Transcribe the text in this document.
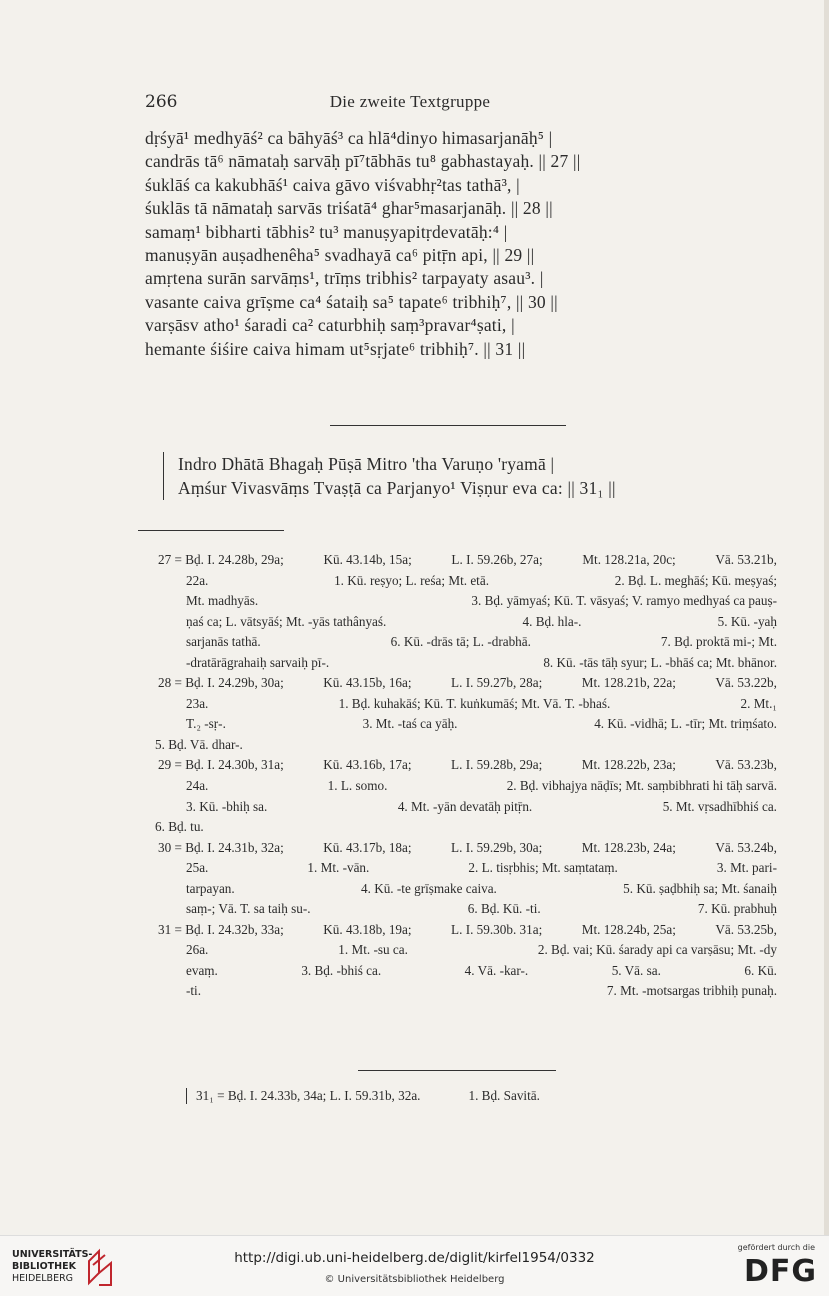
266	Die zweite Textgruppe
dṛśyā¹ medhyāś² ca bāhyāś³ ca hlā⁴dinyo himasarjanāḥ⁵ |
candrās tā⁶ nāmataḥ sarvāḥ pī⁷tābhās tu⁸ gabhastayaḥ. || 27 ||
śuklāś ca kakubhāś¹ caiva gāvo viśvabhṛ²tas tathā³, |
śuklās tā nāmataḥ sarvās triśatā⁴ ghar⁵masarjanāḥ. || 28 ||
samaṃ¹ bibharti tābhis² tu³ manuṣyapitṛdevatāḥ:⁴ |
manuṣyān auṣadhenêha⁵ svadhayā ca⁶ pitṝn api, || 29 ||
amṛtena surān sarvāṃs¹, trīṃs tribhis² tarpayaty asau³. |
vasante caiva grīṣme ca⁴ śataiḥ sa⁵ tapate⁶ tribhiḥ⁷, || 30 ||
varṣāsv atho¹ śaradi ca² caturbhiḥ saṃ³pravar⁴ṣati, |
hemante śiśire caiva himam ut⁵sṛjate⁶ tribhiḥ⁷. || 31 ||
Indro Dhātā Bhagaḥ Pūṣā Mitro 'tha Varuṇo 'ryamā |
Aṃśur Vivasvāṃs Tvaṣṭā ca Parjanyo¹ Viṣṇur eva ca: || 31₁ ||
27 = Bḍ. I. 24.28b, 29a;	Kū. 43.14b, 15a;	L. I. 59.26b, 27a;	Mt. 128.21a, 20c;	Vā. 53.21b,
22a.	1. Kū. reṣyo; L. reśa; Mt. etā.	2. Bḍ. L. meghāś; Kū. meṣyaś;
Mt. madhyās.	3. Bḍ. yāmyaś; Kū. T. vāsyaś; V. ramyo medhyaś ca pauṣ-
ṇaś ca; L. vātsyāś; Mt. -yās tathânyaś.	4. Bḍ. hla-.	5. Kū. -yaḥ
sarjanās tathā.	6. Kū. -drās tā; L. -drabhā.	7. Bḍ. proktā mi-; Mt.
-dratārāgrahaiḥ sarvaiḥ pī-.	8. Kū. -tās tāḥ syur; L. -bhāś ca; Mt. bhānor.
28 = Bḍ. I. 24.29b, 30a;	Kū. 43.15b, 16a;	L. I. 59.27b, 28a;	Mt. 128.21b, 22a;	Vā. 53.22b,
23a.	1. Bḍ. kuhakāś; Kū. T. kuṅkumāś; Mt. Vā. T. -bhaś.	2. Mt.₁
T.₂ -sṛ-.	3. Mt. -taś ca yāḥ.	4. Kū. -vidhā; L. -tīr; Mt. triṃśato.
5. Bḍ. Vā. dhar-.
29 = Bḍ. I. 24.30b, 31a;	Kū. 43.16b, 17a;	L. I. 59.28b, 29a;	Mt. 128.22b, 23a;	Vā. 53.23b,
24a.	1. L. somo.	2. Bḍ. vibhajya nāḍīs; Mt. saṃbibhrati hi tāḥ sarvā.
3. Kū. -bhiḥ sa.	4. Mt. -yān devatāḥ pitṝn.	5. Mt. vṛsadhībhiś ca.
6. Bḍ. tu.
30 = Bḍ. I. 24.31b, 32a;	Kū. 43.17b, 18a;	L. I. 59.29b, 30a;	Mt. 128.23b, 24a;	Vā. 53.24b,
25a.	1. Mt. -vān.	2. L. tisṛbhis; Mt. saṃtataṃ.	3. Mt. pari-
tarpayan.	4. Kū. -te grīṣmake caiva.	5. Kū. ṣaḍbhiḥ sa; Mt. śanaiḥ
saṃ-; Vā. T. sa taiḥ su-.	6. Bḍ. Kū. -ti.	7. Kū. prabhuḥ
31 = Bḍ. I. 24.32b, 33a;	Kū. 43.18b, 19a;	L. I. 59.30b. 31a;	Mt. 128.24b, 25a;	Vā. 53.25b,
26a.	1. Mt. -su ca.	2. Bḍ. vai; Kū. śarady api ca varṣāsu; Mt. -dy
evaṃ.	3. Bḍ. -bhiś ca.	4. Vā. -kar-.	5. Vā. sa.	6. Kū.
-ti.	7. Mt. -motsargas tribhiḥ punaḥ.
31₁ = Bḍ. I. 24.33b, 34a; L. I. 59.31b, 32a.	1. Bḍ. Savitā.
UNIVERSITÄTS-
BIBLIOTHEK
HEIDELBERG
http://digi.ub.uni-heidelberg.de/diglit/kirfel1954/0332
© Universitätsbibliothek Heidelberg
gefördert durch die
DFG
